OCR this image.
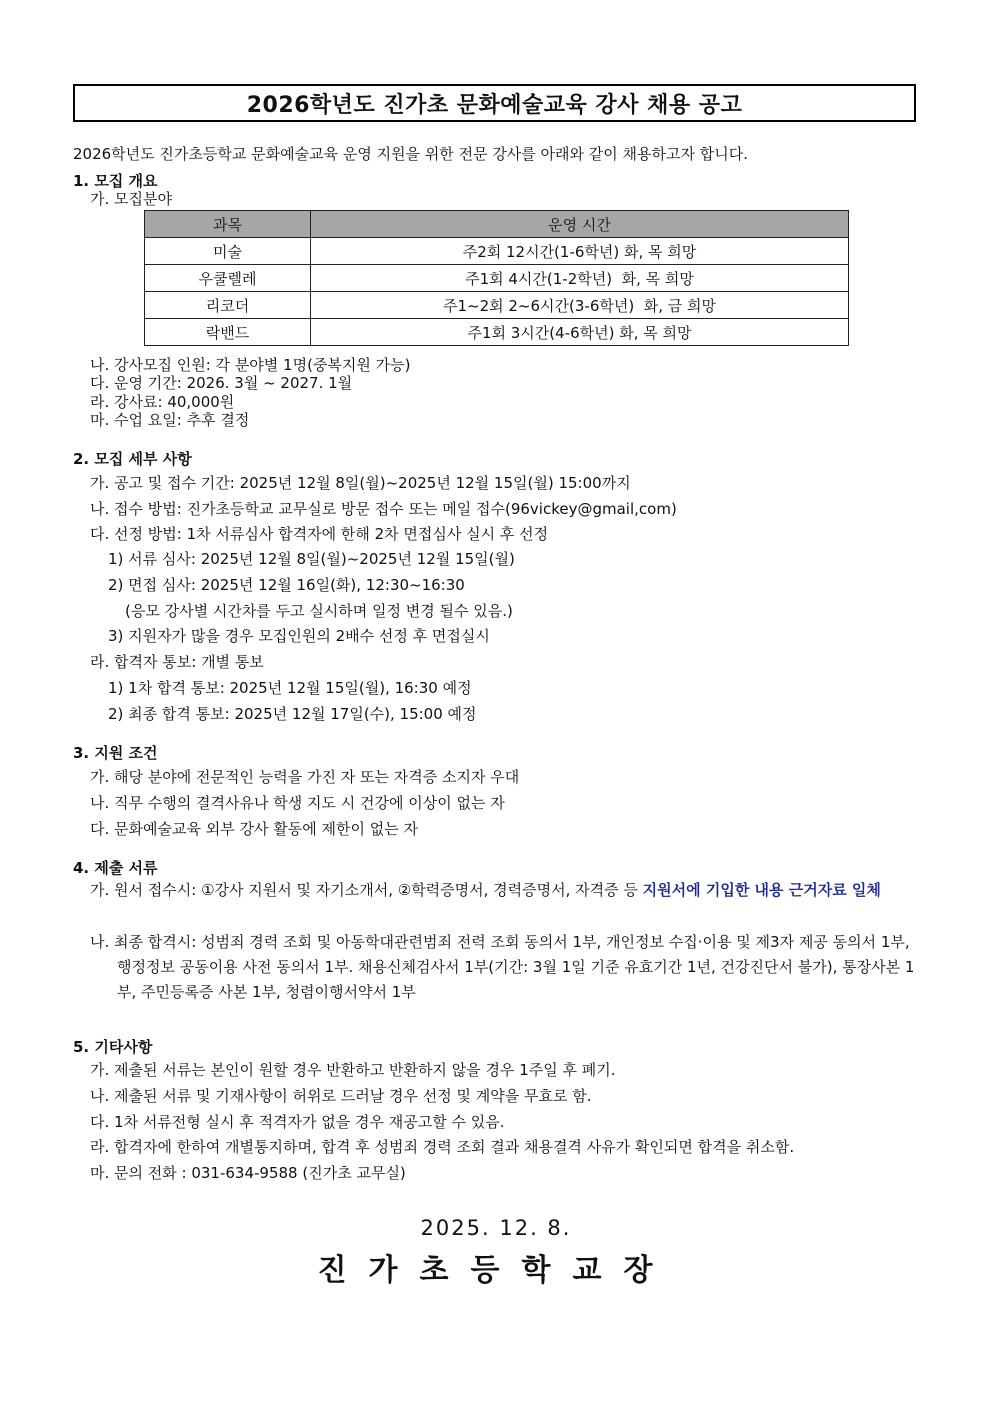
2026학년도 진가초 문화예술교육 강사 채용 공고
2026학년도 진가초등학교 문화예술교육 운영 지원을 위한 전문 강사를 아래와 같이 채용하고자 합니다.
1. 모집 개요
가. 모집분야
과목	운영 시간
미술	주2회 12시간(1-6학년) 화, 목 희망
우쿨렐레	주1회 4시간(1-2학년)  화, 목 희망
리코더	주1~2회 2~6시간(3-6학년)  화, 금 희망
락밴드	주1회 3시간(4-6학년) 화, 목 희망
나. 강사모집 인원: 각 분야별 1명(중복지원 가능)
다. 운영 기간: 2026. 3월 ~ 2027. 1월
라. 강사료: 40,000원
마. 수업 요일: 추후 결정
2. 모집 세부 사항
가. 공고 및 접수 기간: 2025년 12월 8일(월)~2025년 12월 15일(월) 15:00까지
나. 접수 방법: 진가초등학교 교무실로 방문 접수 또는 메일 접수(96vickey@gmail,com)
다. 선정 방법: 1차 서류심사 합격자에 한해 2차 면접심사 실시 후 선정
1) 서류 심사: 2025년 12월 8일(월)~2025년 12월 15일(월)
2) 면접 심사: 2025년 12월 16일(화), 12:30~16:30
(응모 강사별 시간차를 두고 실시하며 일정 변경 될수 있음.)
3) 지원자가 많을 경우 모집인원의 2배수 선정 후 면접실시
라. 합격자 통보: 개별 통보
1) 1차 합격 통보: 2025년 12월 15일(월), 16:30 예정
2) 최종 합격 통보: 2025년 12월 17일(수), 15:00 예정
3. 지원 조건
가. 해당 분야에 전문적인 능력을 가진 자 또는 자격증 소지자 우대
나. 직무 수행의 결격사유나 학생 지도 시 건강에 이상이 없는 자
다. 문화예술교육 외부 강사 활동에 제한이 없는 자
4. 제출 서류
가. 원서 접수시: ①강사 지원서 및 자기소개서, ②학력증명서, 경력증명서, 자격증 등 지원서에 기입한 내용 근거자료 일체
나. 최종 합격시: 성범죄 경력 조회 및 아동학대관련범죄 전력 조회 동의서 1부, 개인정보 수집·이용 및 제3자 제공 동의서 1부, 행정정보 공동이용 사전 동의서 1부. 채용신체검사서 1부(기간: 3월 1일 기준 유효기간 1년, 건강진단서 불가), 통장사본 1부, 주민등록증 사본 1부, 청렴이행서약서 1부
5. 기타사항
가. 제출된 서류는 본인이 원할 경우 반환하고 반환하지 않을 경우 1주일 후 폐기.
나. 제출된 서류 및 기재사항이 허위로 드러날 경우 선정 및 계약을 무효로 함.
다. 1차 서류전형 실시 후 적격자가 없을 경우 재공고할 수 있음.
라. 합격자에 한하여 개별통지하며, 합격 후 성범죄 경력 조회 결과 채용결격 사유가 확인되면 합격을 취소함.
마. 문의 전화 : 031-634-9588 (진가초 교무실)
2025. 12. 8.
진가초등학교장
